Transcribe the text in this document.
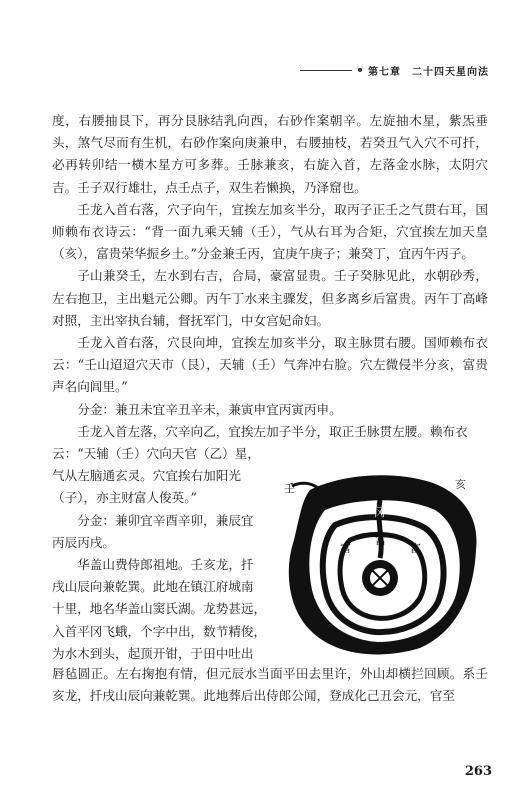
第七章　二十四天星向法

度，右腰抽艮下，再分艮脉结乳向西，右砂作案朝辛。左旋抽木星，紫炁垂头，煞气尽而有生机，右砂作案向庚兼申，右腰抽枝，若癸丑气入穴不可扦，必再转卯结一横木星方可多葬。壬脉兼亥，右旋入首，左落金水脉，太阴穴吉。壬子双行雄壮，点壬点子，双生若懒换，乃泽窟也。

壬龙入首右落，穴子向午，宜挨左加亥半分，取丙子正壬之气贯右耳，国师赖布衣诗云：“背一面九乘天辅（壬），气从右耳为合矩，穴宜挨左加天皇（亥），富贵荣华振乡土。”分金兼壬丙，宜庚午庚子；兼癸丁，宜丙午丙子。

子山兼癸壬，左水到右吉，合局，豪富显贵。壬子癸脉见此，水朝砂秀，左右抱卫，主出魁元公卿。丙午丁水来主骤发，但多离乡后富贵。丙午丁高峰对照，主出宰执台辅，督抚军门，中女宫妃命妇。

壬龙入首右落，穴艮向坤，宜挨左加亥半分，取主脉贯右腰。国师赖布衣云：“壬山迢迢穴天市（艮），天辅（壬）气奔冲右脸。穴左微侵半分亥，富贵声名向闾里。”

分金：兼丑未宜辛丑辛未，兼寅申宜丙寅丙申。

壬龙入首左落，穴辛向乙，宜挨左加子半分，取正壬脉贯左腰。赖布衣

云：“天辅（壬）穴向天官（乙）星，
气从左脑通玄灵。穴宜挨右加阳光
（子），亦主财富人俊英。”
分金：兼卯宜辛酉辛卯，兼辰宜
丙辰丙戌。
华盖山费侍郎祖地。壬亥龙，扦
戌山辰向兼乾巽。此地在镇江府城南
十里，地名华盖山窦氏湖。龙势甚远，
入首平冈飞蛾，个字中出，数节精俊，
为水木到头，起顶开钳，于田中吐出
壬	亥
冈
富
富
富
唇毡圆正。左右掬抱有情，但元辰水当面平田去里许，外山却横拦回顾。系壬亥龙，扦戌山辰向兼乾巽。此地葬后出侍郎公闻，登成化己丑会元，官至
263
